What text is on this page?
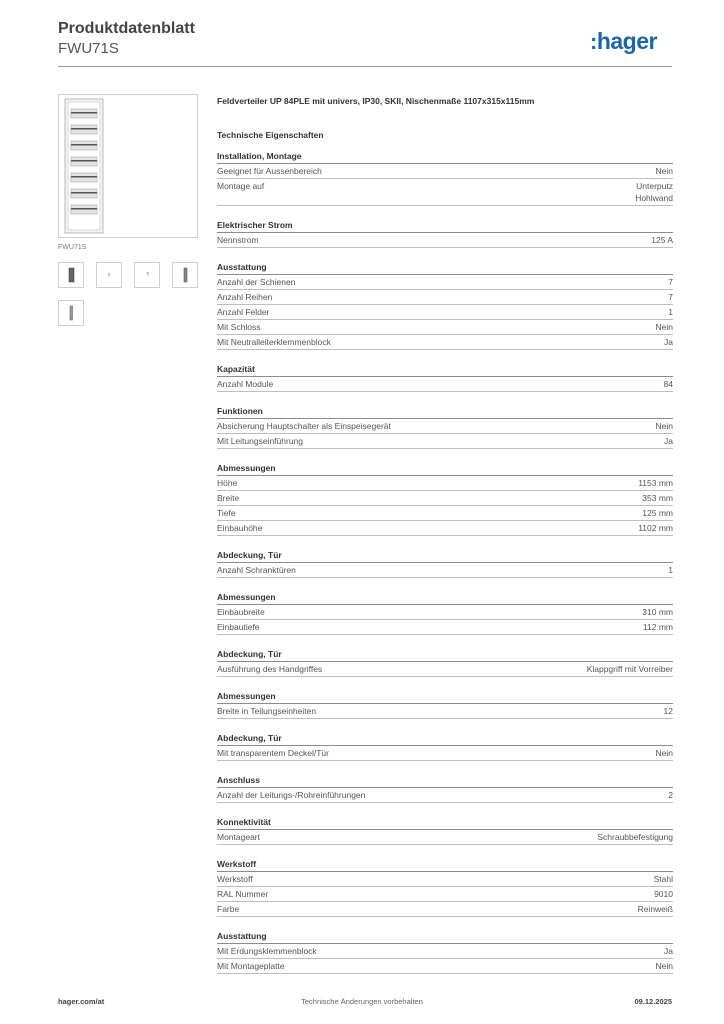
Produktdatenblatt
FWU71S	:hager
FWU71S
Feldverteiler UP 84PLE mit univers, IP30, SKII, Nischenmaße 1107x315x115mm
Technische Eigenschaften
Installation, Montage
Geeignet für Aussenbereich	Nein
Montage auf	Unterputz
Hohlwand
Elektrischer Strom
Nennstrom	125 A
Ausstattung
Anzahl der Schienen	7
Anzahl Reihen	7
Anzahl Felder	1
Mit Schloss	Nein
Mit Neutralleiterklemmenblock	Ja
Kapazität
Anzahl Module	84
Funktionen
Absicherung Hauptschalter als Einspeisegerät	Nein
Mit Leitungseinführung	Ja
Abmessungen
Höhe	1153 mm
Breite	353 mm
Tiefe	125 mm
Einbauhöhe	1102 mm
Abdeckung, Tür
Anzahl Schranktüren	1
Abmessungen
Einbaubreite	310 mm
Einbautiefe	112 mm
Abdeckung, Tür
Ausführung des Handgriffes	Klappgriff mit Vorreiber
Abmessungen
Breite in Teilungseinheiten	12
Abdeckung, Tür
Mit transparentem Deckel/Tür	Nein
Anschluss
Anzahl der Leitungs-/Rohreinführungen	2
Konnektivität
Montageart	Schraubbefestigung
Werkstoff
Werkstoff	Stahl
RAL Nummer	9010
Farbe	Reinweiß
Ausstattung
Mit Erdungsklemmenblock	Ja
Mit Montageplatte	Nein
hager.com/at	Technische Änderungen vorbehalten	09.12.2025
